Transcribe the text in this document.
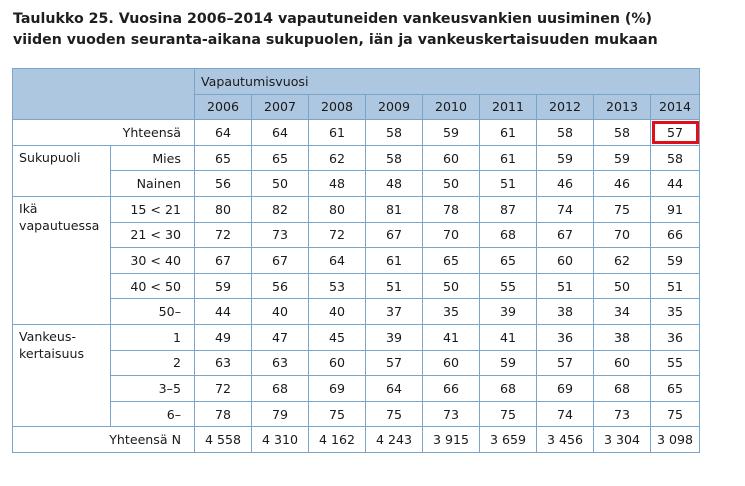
Taulukko 25. Vuosina 2006–2014 vapautuneiden vankeusvankien uusiminen (%)
viiden vuoden seuranta-aikana sukupuolen, iän ja vankeuskertaisuuden mukaan
		Vapautumisvuosi								
		2006	2007	2008	2009	2010	2011	2012	2013	2014
Yhteensä		64	64	61	58	59	61	58	58	57

Sukupuoli	Mies	65	65	62	58	60	61	59	59	58
	Nainen	56	50	48	48	50	51	46	46	44

Ikä
vapautuessa	15 < 21	80	82	80	81	78	87	74	75	91
	21 < 30	72	73	72	67	70	68	67	70	66
	30 < 40	67	67	64	61	65	65	60	62	59
	40 < 50	59	56	53	51	50	55	51	50	51
	50–	44	40	40	37	35	39	38	34	35

Vankeus-
kertaisuus	1	49	47	45	39	41	41	36	38	36
	2	63	63	60	57	60	59	57	60	55
	3–5	72	68	69	64	66	68	69	68	65
	6–	78	79	75	75	73	75	74	73	75
Yhteensä N		4 558	4 310	4 162	4 243	3 915	3 659	3 456	3 304	3 098
